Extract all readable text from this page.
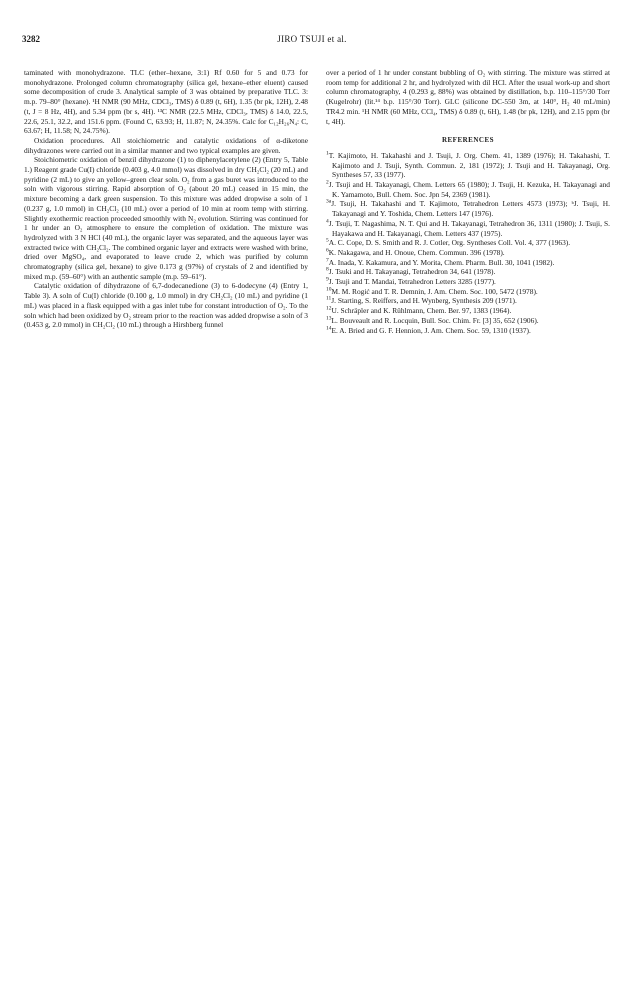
3282	JIRO TSUJI et al.

taminated with monohydrazone. TLC (ether–hexane, 3:1) Rf 0.60 for 5 and 0.73 for monohydrazone. Prolonged column chromatography (silica gel, hexane–ether eluent) caused some decomposition of crude 3. Analytical sample of 3 was obtained by preparative TLC. 3: m.p. 79–80° (hexane). ¹H NMR (90 MHz, CDCl₃, TMS) δ 0.89 (t, 6H), 1.35 (br pk, 12H), 2.48 (t, J = 8 Hz, 4H), and 5.34 ppm (br s, 4H). ¹³C NMR (22.5 MHz, CDCl₃, TMS) δ 14.0, 22.5, 22.6, 25.1, 32.2, and 151.6 ppm. (Found C, 63.93; H, 11.87; N, 24.35%. Calc for C₁₂H₂₆N₄: C, 63.67; H, 11.58; N, 24.75%).

Oxidation procedures. All stoichiometric and catalytic oxidations of α-diketone dihydrazones were carried out in a similar manner and two typical examples are given.

Stoichiometric oxidation of benzil dihydrazone (1) to diphenylacetylene (2) (Entry 5, Table 1.) Reagent grade Cu(I) chloride (0.403 g, 4.0 mmol) was dissolved in dry CH₂Cl₂ (20 mL) and pyridine (2 mL) to give an yellow–green clear soln. O₂ from a gas buret was introduced to the soln with vigorous stirring. Rapid absorption of O₂ (about 20 mL) ceased in 15 min, the mixture becoming a dark green suspension. To this mixture was added dropwise a soln of 1 (0.237 g, 1.0 mmol) in CH₂Cl₂ (10 mL) over a period of 10 min at room temp with stirring. Slightly exothermic reaction proceeded smoothly with N₂ evolution. Stirring was continued for 1 hr under an O₂ atmosphere to ensure the completion of oxidation. The mixture was hydrolyzed with 3 N HCl (40 mL), the organic layer was separated, and the aqueous layer was extracted twice with CH₂Cl₂. The combined organic layer and extracts were washed with brine, dried over MgSO₄, and evaporated to leave crude 2, which was purified by column chromatography (silica gel, hexane) to give 0.173 g (97%) of crystals of 2 and identified by mixed m.p. (59–60°) with an authentic sample (m.p. 59–61°).

Catalytic oxidation of dihydrazone of 6,7-dodecanedione (3) to 6-dodecyne (4) (Entry 1, Table 3). A soln of Cu(I) chloride (0.100 g, 1.0 mmol) in dry CH₂Cl₂ (10 mL) and pyridine (1 mL) was placed in a flask equipped with a gas inlet tube for constant introduction of O₂. To the soln which had been oxidized by O₂ stream prior to the reaction was added dropwise a soln of 3 (0.453 g, 2.0 mmol) in CH₂Cl₂ (10 mL) through a Hirshberg funnel

over a period of 1 hr under constant bubbling of O₂ with stirring. The mixture was stirred at room temp for additional 2 hr, and hydrolyzed with dil HCl. After the usual work-up and short column chromatography, 4 (0.293 g, 88%) was obtained by distillation, b.p. 110–115°/30 Torr (Kugelrohr) (lit.¹⁴ b.p. 115°/30 Torr). GLC (silicone DC-550 3m, at 140°, H₂ 40 mL/min) TR4.2 min. ¹H NMR (60 MHz, CCl₄, TMS) δ 0.89 (t, 6H), 1.48 (br pk, 12H), and 2.15 ppm (br t, 4H).

REFERENCES

$^1$T. Kajimoto, H. Takahashi and J. Tsuji, J. Org. Chem. 41, 1389 (1976); H. Takahashi, T. Kajimoto and J. Tsuji, Synth. Commun. 2, 181 (1972); J. Tsuji and H. Takayanagi, Org. Syntheses 57, 33 (1977).

$^2$J. Tsuji and H. Takayanagi, Chem. Letters 65 (1980); J. Tsuji, H. Kezuka, H. Takayanagi and K. Yamamoto, Bull. Chem. Soc. Jpn 54, 2369 (1981).

$^{3a}$J. Tsuji, H. Takahashi and T. Kajimoto, Tetrahedron Letters 4573 (1973); ᵇJ. Tsuji, H. Takayanagi and Y. Toshida, Chem. Letters 147 (1976).

$^4$J. Tsuji, T. Nagashima, N. T. Qui and H. Takayanagi, Tetrahedron 36, 1311 (1980); J. Tsuji, S. Hayakawa and H. Takayanagi, Chem. Letters 437 (1975).

$^5$A. C. Cope, D. S. Smith and R. J. Cotler, Org. Syntheses Coll. Vol. 4, 377 (1963).

$^6$K. Nakagawa, and H. Onoue, Chem. Commun. 396 (1978).

$^7$A. Inada, Y. Kakamura, and Y. Morita, Chem. Pharm. Bull. 30, 1041 (1982).

$^8$J. Tsuki and H. Takayanagi, Tetrahedron 34, 641 (1978).

$^9$J. Tsuji and T. Mandai, Tetrahedron Letters 3285 (1977).

$^{10}$M. M. Rogić and T. R. Demnin, J. Am. Chem. Soc. 100, 5472 (1978).

$^{11}$J. Starting, S. Reiffers, and H. Wynberg, Synthesis 209 (1971).

$^{12}$U. Schräpler and K. Rühlmann, Chem. Ber. 97, 1383 (1964).

$^{13}$L. Bouveault and R. Locquin, Bull. Soc. Chim. Fr. [3] 35, 652 (1906).

$^{14}$E. A. Bried and G. F. Hennion, J. Am. Chem. Soc. 59, 1310 (1937).
